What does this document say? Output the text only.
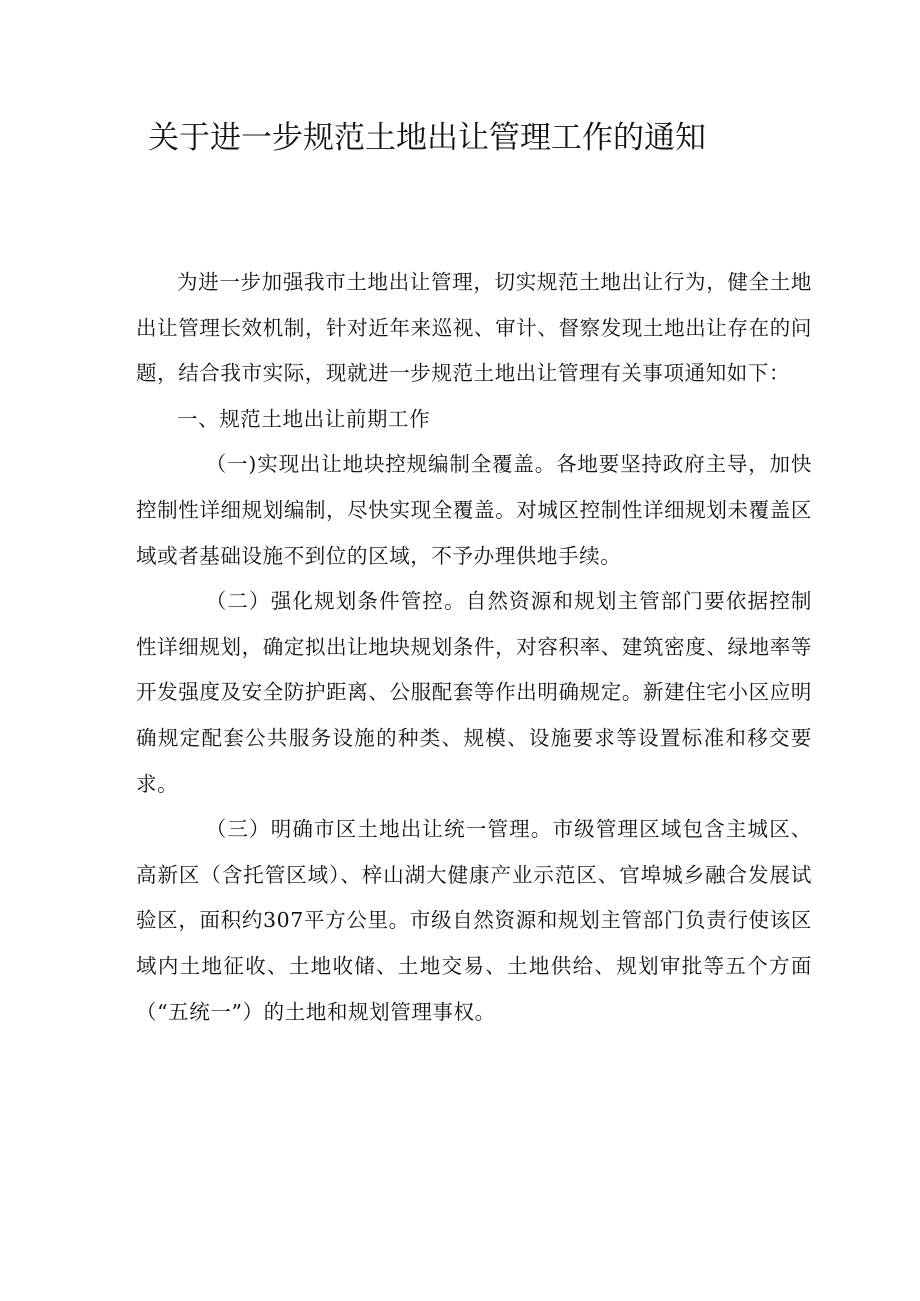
关于进一步规范土地出让管理工作的通知

为进一步加强我市土地出让管理，切实规范土地出让行为，健全土地出让管理长效机制，针对近年来巡视、审计、督察发现土地出让存在的问题，结合我市实际，现就进一步规范土地出让管理有关事项通知如下：

一、规范土地出让前期工作

（一)实现出让地块控规编制全覆盖。各地要坚持政府主导，加快控制性详细规划编制，尽快实现全覆盖。对城区控制性详细规划未覆盖区域或者基础设施不到位的区域，不予办理供地手续。

（二）强化规划条件管控。自然资源和规划主管部门要依据控制性详细规划，确定拟出让地块规划条件，对容积率、建筑密度、绿地率等开发强度及安全防护距离、公服配套等作出明确规定。新建住宅小区应明确规定配套公共服务设施的种类、规模、设施要求等设置标准和移交要求。

（三）明确市区土地出让统一管理。市级管理区域包含主城区、高新区（含托管区域）、梓山湖大健康产业示范区、官埠城乡融合发展试验区，面积约307平方公里。市级自然资源和规划主管部门负责行使该区域内土地征收、土地收储、土地交易、土地供给、规划审批等五个方面（“五统一”）的土地和规划管理事权。
